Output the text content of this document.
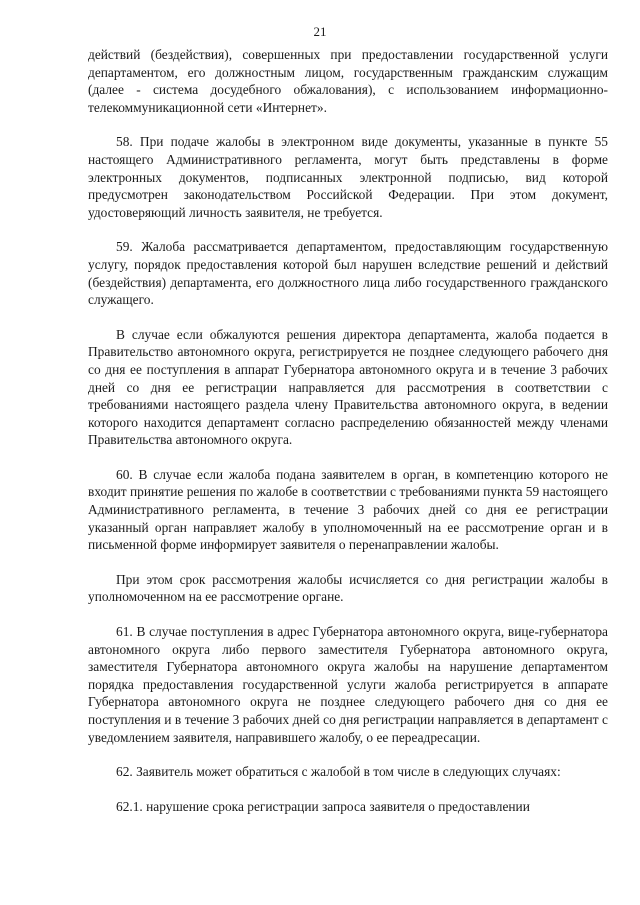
21

действий (бездействия), совершенных при предоставлении государственной услуги департаментом, его должностным лицом, государственным гражданским служащим (далее - система досудебного обжалования), с использованием информационно-телекоммуникационной сети «Интернет».

58. При подаче жалобы в электронном виде документы, указанные в пункте 55 настоящего Административного регламента, могут быть представлены в форме электронных документов, подписанных электронной подписью, вид которой предусмотрен законодательством Российской Федерации. При этом документ, удостоверяющий личность заявителя, не требуется.

59. Жалоба рассматривается департаментом, предоставляющим государственную услугу, порядок предоставления которой был нарушен вследствие решений и действий (бездействия) департамента, его должностного лица либо государственного гражданского служащего.

В случае если обжалуются решения директора департамента, жалоба подается в Правительство автономного округа, регистрируется не позднее следующего рабочего дня со дня ее поступления в аппарат Губернатора автономного округа и в течение 3 рабочих дней со дня ее регистрации направляется для рассмотрения в соответствии с требованиями настоящего раздела члену Правительства автономного округа, в ведении которого находится департамент согласно распределению обязанностей между членами Правительства автономного округа.

60. В случае если жалоба подана заявителем в орган, в компетенцию которого не входит принятие решения по жалобе в соответствии с требованиями пункта 59 настоящего Административного регламента, в течение 3 рабочих дней со дня ее регистрации указанный орган направляет жалобу в уполномоченный на ее рассмотрение орган и в письменной форме информирует заявителя о перенаправлении жалобы.

При этом срок рассмотрения жалобы исчисляется со дня регистрации жалобы в уполномоченном на ее рассмотрение органе.

61. В случае поступления в адрес Губернатора автономного округа, вице-губернатора автономного округа либо первого заместителя Губернатора автономного округа, заместителя Губернатора автономного округа жалобы на нарушение департаментом порядка предоставления государственной услуги жалоба регистрируется в аппарате Губернатора автономного округа не позднее следующего рабочего дня со дня ее поступления и в течение 3 рабочих дней со дня регистрации направляется в департамент с уведомлением заявителя, направившего жалобу, о ее переадресации.

62. Заявитель может обратиться с жалобой в том числе в следующих случаях:

62.1. нарушение срока регистрации запроса заявителя о предоставлении
